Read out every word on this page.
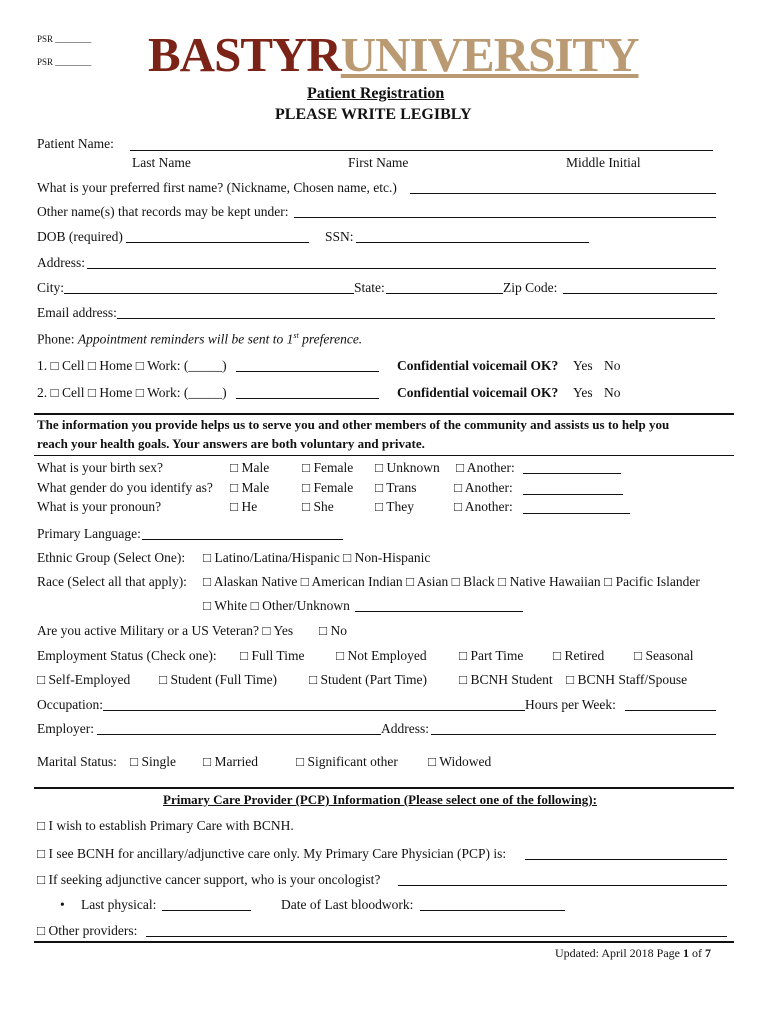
PSR ________
PSR ________ BASTYRUNIVERSITY
Patient Registration
PLEASE WRITE LEGIBLY
Patient Name:
Last Name	First Name	Middle Initial
What is your preferred first name? (Nickname, Chosen name, etc.)
Other name(s) that records may be kept under:
DOB (required)	SSN:
Address:
City:	State:	Zip Code:
Email address:
Phone: Appointment reminders will be sent to 1st preference.
1. □ Cell □ Home □ Work: (_____)	Confidential voicemail OK? Yes No
2. □ Cell □ Home □ Work: (_____)	Confidential voicemail OK? Yes No
The information you provide helps us to serve you and other members of the community and assists us to help you
reach your health goals. Your answers are both voluntary and private.
What is your birth sex?	□ Male □ Female □ Unknown □ Another:
What gender do you identify as? □ Male □ Female □ Trans	□ Another:
What is your pronoun?	□ He	□ She	□ They	□ Another:
Primary Language:
Ethnic Group (Select One): □ Latino/Latina/Hispanic □ Non-Hispanic
Race (Select all that apply): □ Alaskan Native □ American Indian □ Asian □ Black □ Native Hawaiian □ Pacific Islander
□ White □ Other/Unknown
Are you active Military or a US Veteran? □ Yes □ No
Employment Status (Check one): □ Full Time □ Not Employed □ Part Time □ Retired □ Seasonal
□ Self-Employed □ Student (Full Time) □ Student (Part Time) □ BCNH Student □ BCNH Staff/Spouse
Occupation:	Hours per Week:
Employer:	Address:
Marital Status: □ Single □ Married	□ Significant other □ Widowed
Primary Care Provider (PCP) Information (Please select one of the following):
□ I wish to establish Primary Care with BCNH.
□ I see BCNH for ancillary/adjunctive care only. My Primary Care Physician (PCP) is:
□ If seeking adjunctive cancer support, who is your oncologist?
• Last physical:	Date of Last bloodwork:
□ Other providers:
Updated: April 2018 Page 1 of 7
